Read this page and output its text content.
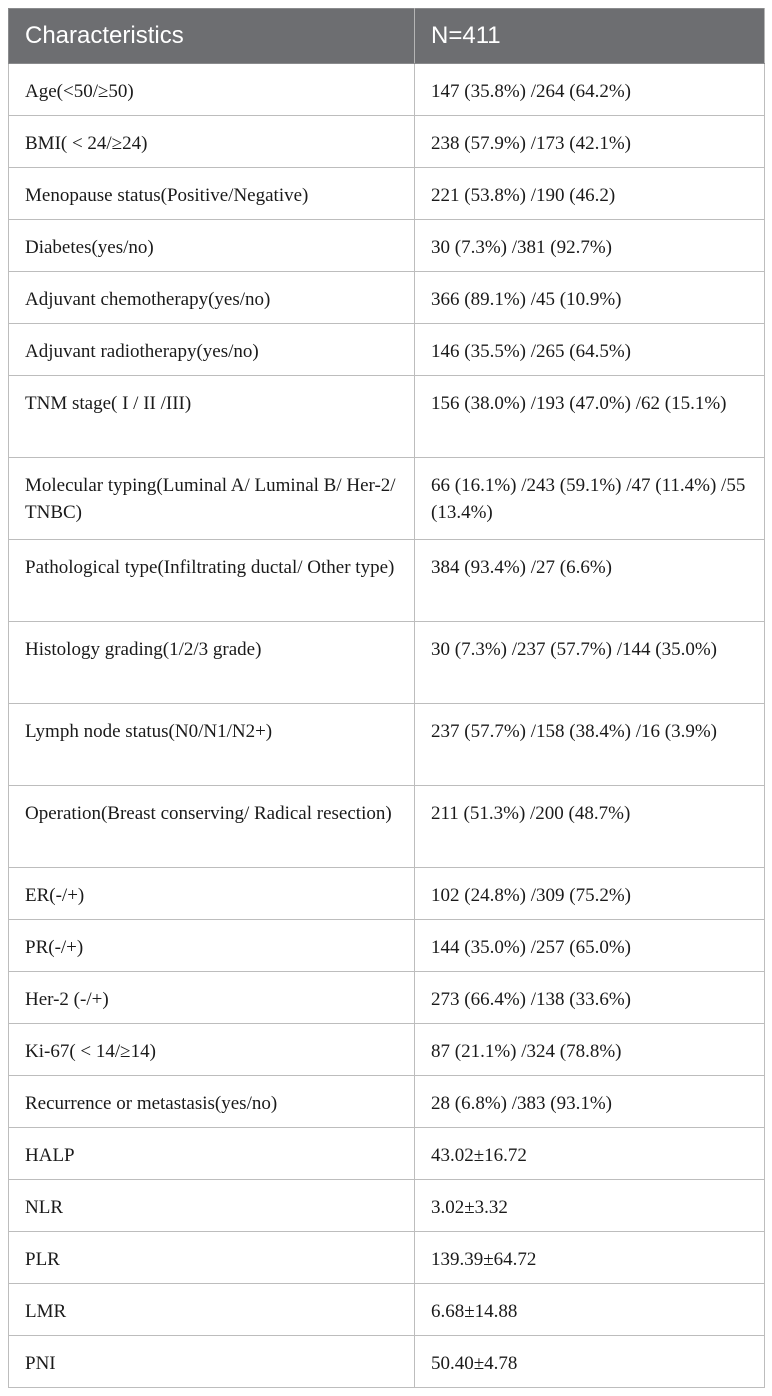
Characteristics	N=411
Age(<50/≥50)	147 (35.8%) /264 (64.2%)
BMI( < 24/≥24)	238 (57.9%) /173 (42.1%)
Menopause status(Positive/Negative)	221 (53.8%) /190 (46.2)
Diabetes(yes/no)	30 (7.3%) /381 (92.7%)
Adjuvant chemotherapy(yes/no)	366 (89.1%) /45 (10.9%)
Adjuvant radiotherapy(yes/no)	146 (35.5%) /265 (64.5%)
TNM stage( I / II /III)	156 (38.0%) /193 (47.0%) /62 (15.1%)
Molecular typing(Luminal A/ Luminal B/ Her-2/ TNBC)	66 (16.1%) /243 (59.1%) /47 (11.4%) /55 (13.4%)
Pathological type(Infiltrating ductal/ Other type)	384 (93.4%) /27 (6.6%)
Histology grading(1/2/3 grade)	30 (7.3%) /237 (57.7%) /144 (35.0%)
Lymph node status(N0/N1/N2+)	237 (57.7%) /158 (38.4%) /16 (3.9%)
Operation(Breast conserving/ Radical resection)	211 (51.3%) /200 (48.7%)
ER(-/+)	102 (24.8%) /309 (75.2%)
PR(-/+)	144 (35.0%) /257 (65.0%)
Her-2 (-/+)	273 (66.4%) /138 (33.6%)
Ki-67( < 14/≥14)	87 (21.1%) /324 (78.8%)
Recurrence or metastasis(yes/no)	28 (6.8%) /383 (93.1%)
HALP	43.02±16.72
NLR	3.02±3.32
PLR	139.39±64.72
LMR	6.68±14.88
PNI	50.40±4.78
